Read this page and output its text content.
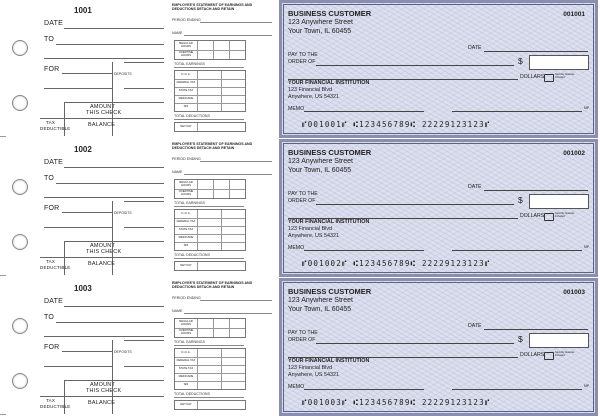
1001
DATE
TO
FOR
DEPOSITS
AMOUNT
THIS CHECK
TAX
DEDUCTIBLE
BALANCE
EMPLOYEE'S STATEMENT OF EARNINGS AND DEDUCTIONS DETACH AND RETAIN
PERIOD ENDING
NAME
REGULAR HOURS
OVERTIME HOURS
TOTAL EARNINGS
F.I.C.A.
FEDERAL TAX
STATE TAX
MEDICARE
SDI
TOTAL DEDUCTIONS
NET PAY
BUSINESS CUSTOMER
123 Anywhere Street
Your Town, IL 60455
001001
DATE
PAY TO THE
ORDER OF	$
DOLLARS	Security features included
YOUR FINANCIAL INSTITUTION
123 Financial Blvd
Anywhere, US 54321
MEMO	MP
⑈001001⑈ ⑆123456789⑆ 22229123123⑈
1002
DATE
TO
FOR
DEPOSITS
AMOUNT
THIS CHECK
TAX
DEDUCTIBLE
BALANCE
EMPLOYEE'S STATEMENT OF EARNINGS AND DEDUCTIONS DETACH AND RETAIN
PERIOD ENDING
NAME
REGULAR HOURS
OVERTIME HOURS
TOTAL EARNINGS
F.I.C.A.
FEDERAL TAX
STATE TAX
MEDICARE
SDI
TOTAL DEDUCTIONS
NET PAY
BUSINESS CUSTOMER
123 Anywhere Street
Your Town, IL 60455
001002
DATE
PAY TO THE
ORDER OF	$
DOLLARS	Security features included
YOUR FINANCIAL INSTITUTION
123 Financial Blvd
Anywhere, US 54321
MEMO	MP
⑈001002⑈ ⑆123456789⑆ 22229123123⑈
1003
DATE
TO
FOR
DEPOSITS
AMOUNT
THIS CHECK
TAX
DEDUCTIBLE
BALANCE
EMPLOYEE'S STATEMENT OF EARNINGS AND DEDUCTIONS DETACH AND RETAIN
PERIOD ENDING
NAME
REGULAR HOURS
OVERTIME HOURS
TOTAL EARNINGS
F.I.C.A.
FEDERAL TAX
STATE TAX
MEDICARE
SDI
TOTAL DEDUCTIONS
NET PAY
BUSINESS CUSTOMER
123 Anywhere Street
Your Town, IL 60455
001003
DATE
PAY TO THE
ORDER OF	$
DOLLARS	Security features included
YOUR FINANCIAL INSTITUTION
123 Financial Blvd
Anywhere, US 54321
MEMO	MP
⑈001003⑈ ⑆123456789⑆ 22229123123⑈
